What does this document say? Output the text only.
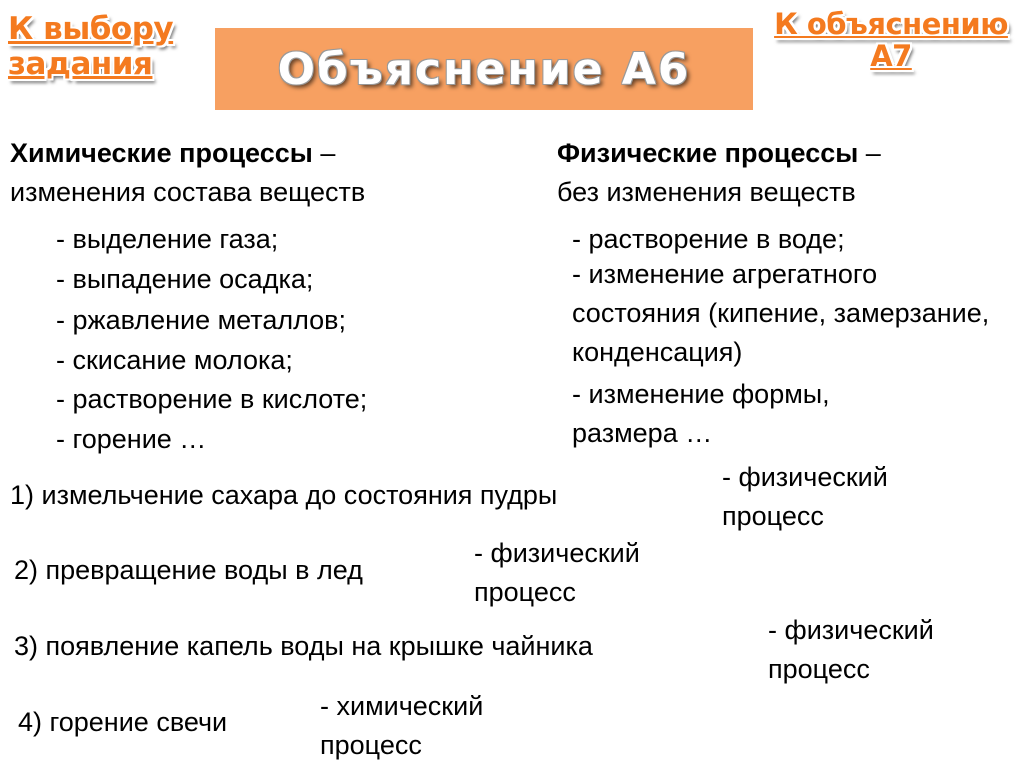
К выбору
задания	Объяснение А6
К объяснению
А7
Химические процессы –
изменения состава веществ
- выделение газа;
- выпадение осадка;
- ржавление металлов;
- скисание молока;
- растворение в кислоте;
- горение …
Физические процессы –
без изменения веществ
- растворение в воде;
- изменение агрегатного состояния (кипение, замерзание, конденсация)
- изменение формы, размера …
1) измельчение сахара до состояния пудры
- физический
процесс
2) превращение воды в лед
- физический
процесс
3) появление капель воды на крышке чайника
- физический
процесс
4) горение свечи
- химический
процесс
